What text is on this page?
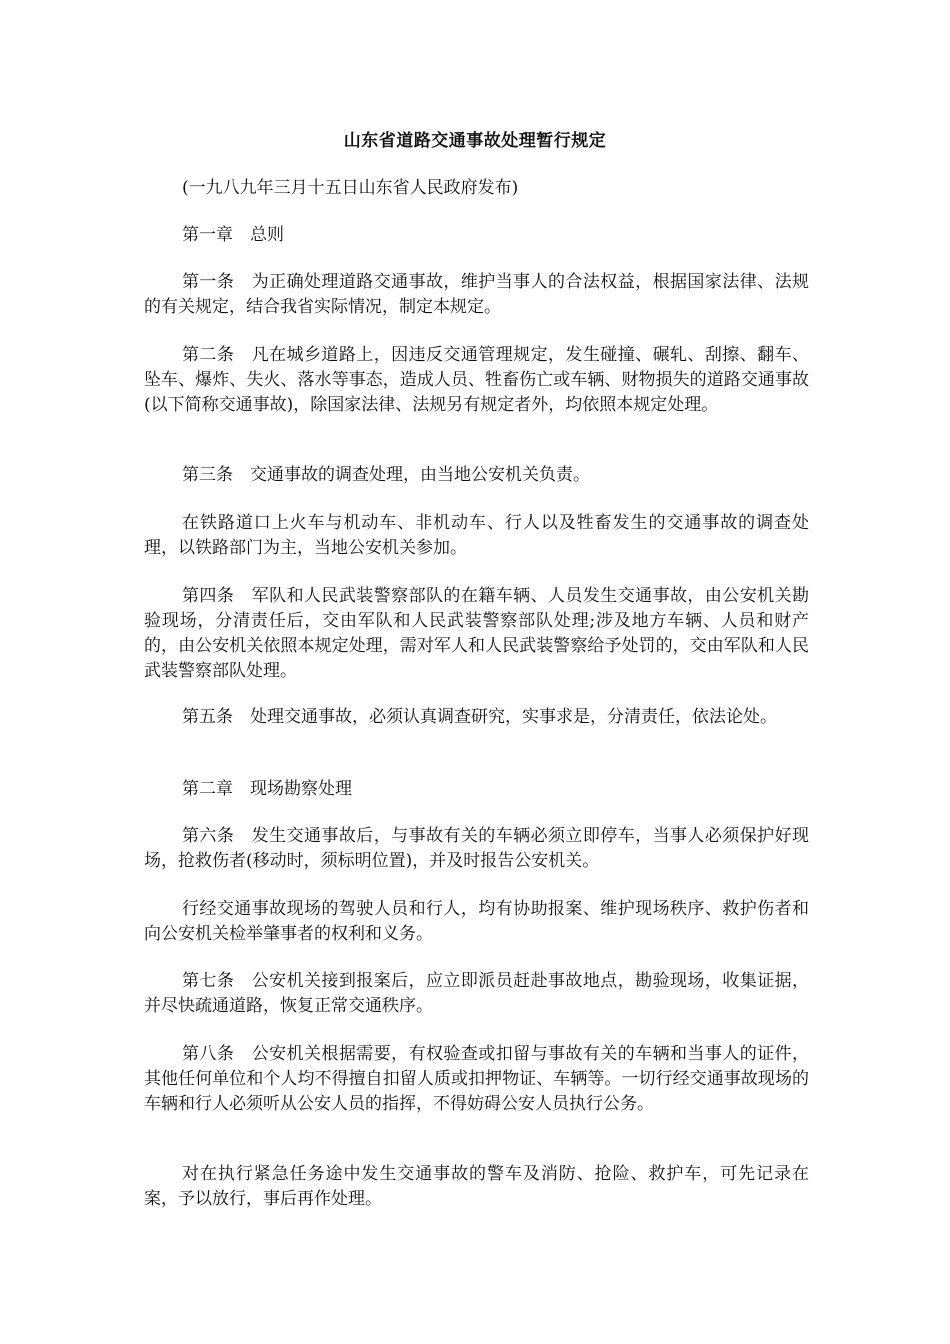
山东省道路交通事故处理暂行规定

(一九八九年三月十五日山东省人民政府发布)

第一章　总则

第一条　为正确处理道路交通事故，维护当事人的合法权益，根据国家法律、法规的有关规定，结合我省实际情况，制定本规定。

第二条　凡在城乡道路上，因违反交通管理规定，发生碰撞、碾轧、刮擦、翻车、坠车、爆炸、失火、落水等事态，造成人员、牲畜伤亡或车辆、财物损失的道路交通事故(以下简称交通事故)，除国家法律、法规另有规定者外，均依照本规定处理。

第三条　交通事故的调查处理，由当地公安机关负责。

在铁路道口上火车与机动车、非机动车、行人以及牲畜发生的交通事故的调查处理，以铁路部门为主，当地公安机关参加。

第四条　军队和人民武装警察部队的在籍车辆、人员发生交通事故，由公安机关勘验现场，分清责任后，交由军队和人民武装警察部队处理;涉及地方车辆、人员和财产的，由公安机关依照本规定处理，需对军人和人民武装警察给予处罚的，交由军队和人民武装警察部队处理。

第五条　处理交通事故，必须认真调查研究，实事求是，分清责任，依法论处。

第二章　现场勘察处理

第六条　发生交通事故后，与事故有关的车辆必须立即停车，当事人必须保护好现场，抢救伤者(移动时，须标明位置)，并及时报告公安机关。

行经交通事故现场的驾驶人员和行人，均有协助报案、维护现场秩序、救护伤者和向公安机关检举肇事者的权利和义务。

第七条　公安机关接到报案后，应立即派员赶赴事故地点，勘验现场，收集证据，并尽快疏通道路，恢复正常交通秩序。

第八条　公安机关根据需要，有权验查或扣留与事故有关的车辆和当事人的证件，其他任何单位和个人均不得擅自扣留人质或扣押物证、车辆等。一切行经交通事故现场的车辆和行人必须听从公安人员的指挥，不得妨碍公安人员执行公务。

对在执行紧急任务途中发生交通事故的警车及消防、抢险、救护车，可先记录在案，予以放行，事后再作处理。
